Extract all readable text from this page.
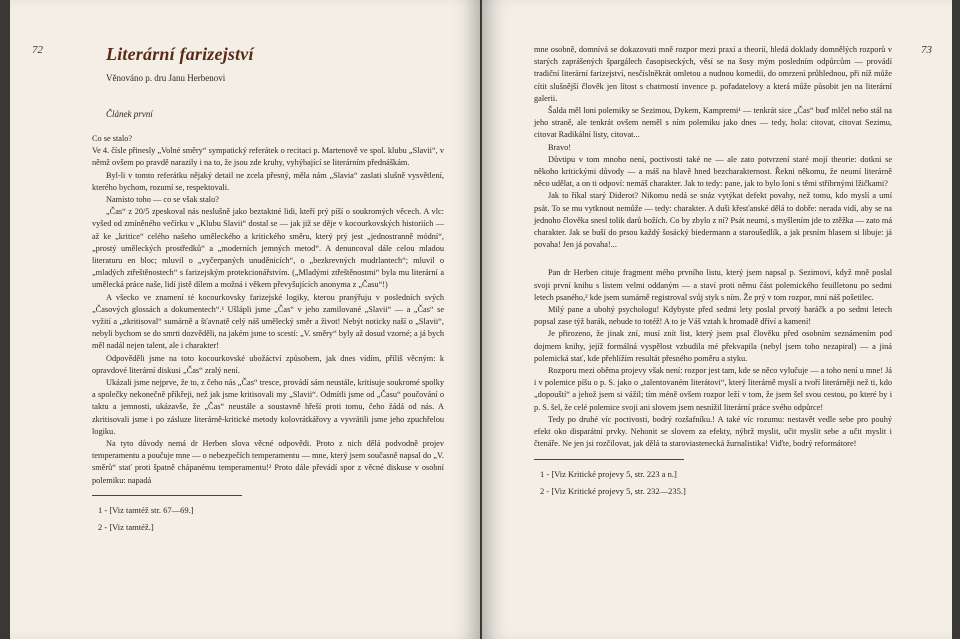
72	Literární farizejství
Věnováno p. dru Janu Herbenovi
Článek první

Co se stalo?

Ve 4. čísle přinesly „Volné směry“ sympatický referátek o recitaci p. Martenově ve spol. klubu „Slavii“, v němž ovšem po pravdě narazily i na to, že jsou zde kruhy, vyhýbající se literárním přednáškám.

Byl-li v tomto referátku nějaký detail ne zcela přesný, měla nám „Slavia“ zaslati slušně vysvětlení, kterého bychom, rozumí se, respektovali.

Namísto toho — co se však stalo?

„Čas“ z 20/5 zpeskoval nás neslušně jako beztaktné lidi, kteří prý píší o soukromých věcech. A vlc: vyšed od zmíněného večírku v „Klubu Slavii“ dostal se — jak již se děje v kocourkovských historiích — až ke „kritice“ celého našeho uměleckého a kritického směru, který prý jest „jednostranně módní“, „prostý uměleckých prostředků“ a „moderních jemných metod“. A denuncoval dále celou mladou literaturu en bloc; mluvil o „vyčerpaných unuděnicích“, o „bezkrevných mudrlantech“; mluvil o „mladých ztřeštěnostech“ s farizejským protekcionářstvím. („Mladými ztřeštěnostmi“ byla mu literární a umělecká práce naše, lidí jistě dílem a možná i věkem převyšujících anonyma z „Času“!)

A všecko ve znamení té kocourkovsky farizejské logiky, kterou pranýřuju v posledních svých „Časových glossách a dokumentech“.¹ Ušlápli jsme „Čas“ v jeho zamilované „Slavii“ — a „Čas“ se vyžití a „zkritisoval“ sumárně a šťavnatě celý náš umělecký směr a život! Nebýt noticky naší o „Slavii“, nebyli bychom se do smrti dozvěděli, na jakém jsme to scestí: „V. směry“ byly až dosud vzorné; a já bych měl nadál nejen talent, ale i charakter!

Odpověděli jsme na toto kocourkovské ubožáctví způsobem, jak dnes vídím, příliš věcným: k opravdové literární diskusi „Čas“ zralý není.

Ukázali jsme nejprve, že to, z čeho nás „Čas“ tresce, provádí sám neustále, kritisuje soukromé spolky a společky nekonečně příkřeji, než jak jsme kritisovali my „Slavii“. Odmítli jsme od „Času“ poučování o taktu a jemnosti, ukázavše, že „Čas“ neustále a soustavně hřeší proti tomu, čeho žádá od nás. A zkritisovali jsme i po zásluze literárně-kritické metody kolovrátkářovy a vyvrátili jsme jeho zpuchřelou logiku.

Na tyto důvody nemá dr Herben slova věcné odpovědi. Proto z nich dělá podvodně projev temperamentu a poučuje mne — o nebezpečích temperamentu — mne, který jsem současně napsal do „V. směrů“ stať proti špatně chápanému temperamentu!² Proto dále převádí spor z věcné diskuse v osobní polemiku: napadá

1 - [Viz tamtéž str. 67—69.]
2 - [Viz tamtéž.]
73

mne osobně, domnívá se dokazovati mně rozpor mezi praxí a theorií, hledá doklady domnělých rozporů v starých zaprášených špargálech časopiseckých, věsí se na šosy mým posledním odpůrcům — provádí tradiční literární farizejství, nesčíslněkrát omletou a nudnou komedii, do omrzení průhlednou, při níž může cítit slušnější člověk jen lítost s chatrností invence p. pořadatelovy a která může působit jen na literární galerii.

Šalda měl loni polemiky se Sezimou, Dykem, Kampremi¹ — tenkrát sice „Čas“ buď mlčel nebo stál na jeho straně, ale tenkrát ovšem neměl s ním polemiku jako dnes — tedy, hola: citovat, citovat Sezimu, citovat Radikální listy, citovat...

Bravo!

Důvtipu v tom mnoho není, poctivosti také ne — ale zato potvrzení staré mojí theorie: dotkni se někoho kritickými důvody — a máš na hlavě hned bezcharakternost. Řekni někomu, že neumí literárně něco udělat, a on ti odpoví: nemáš charakter. Jak to tedy: pane, jak to bylo loni s těmi stříbrnými lžičkami?

Jak to říkal starý Diderot? Nikomu nedá se snáz vytýkat defekt povahy, než tomu, kdo myslí a umí psát. To se mu vytknout nemůže — tedy: charakter. A duši křesťanské dělá to dobře: nerada vidí, aby se na jednoho člověka snesl tolik darů božích. Co by zbylo z ní? Psát neumí, s myšlením jde to ztěžka — zato má charakter. Jak se buší do prsou každý šosácký biedermann a staroušedlík, a jak prsním hlasem si libuje: já povaha! Jen já povaha!...

Pan dr Herben cituje fragment mého prvního listu, který jsem napsal p. Sezimovi, když mně poslal svoji první knihu s listem velmi oddaným — a staví proti němu část polemického feuilletonu po sedmi letech psaného,² kde jsem sumárně registroval svůj styk s ním. Že prý v tom rozpor, mní náš pošetilec.

Milý pane a ubohý psychologu! Kdybyste před sedmi lety poslal prvotý baráčk a po sedmi letech popsal zase týž barák, nebude to totéž! A to je Váš vztah k hromadě dříví a kamení!

Je přirozeno, že jinak zní, musí znít list, který jsem psal člověku před osobním seznámením pod dojmem knihy, jejíž formálná vyspělost vzbudila mé překvapila (nebyl jsem toho nezapiral) — a jiná polemická stať, kde přehlížím resultát přesného poměru a styku.

Rozporu mezi oběma projevy však není: rozpor jest tam, kde se něco vylučuje — a toho není u mne! Já i v polemice píšu o p. S. jako o „talentovaném literátovi“, který literárně myslí a tvoří literárněji než ti, kdo „dopouští“ a jehož jsem si vážil; tím méně ovšem rozpor leží v tom, že jsem šel svou cestou, po které by i p. S. šel, že celé polemice svoji ani slovem jsem nesnížil literární práce svého odpůrce!

Tedy po druhé víc poctivosti, bodrý rozšafníku.! A také víc rozumu: nestavět vedle sebe pro pouhý efekt oko disparátní prvky. Nehonit se slovem za efekty, nýbrž myslit, učit myslit sebe a učit myslit i čtenáře. Ne jen jsi rozčilovat, jak dělá ta staroviastenecká žurnalistika! Viďte, bodrý reformátore!

1 - [Viz Kritické projevy 5, str. 223 a n.]
2 - [Viz Kritické projevy 5, str. 232—235.]
